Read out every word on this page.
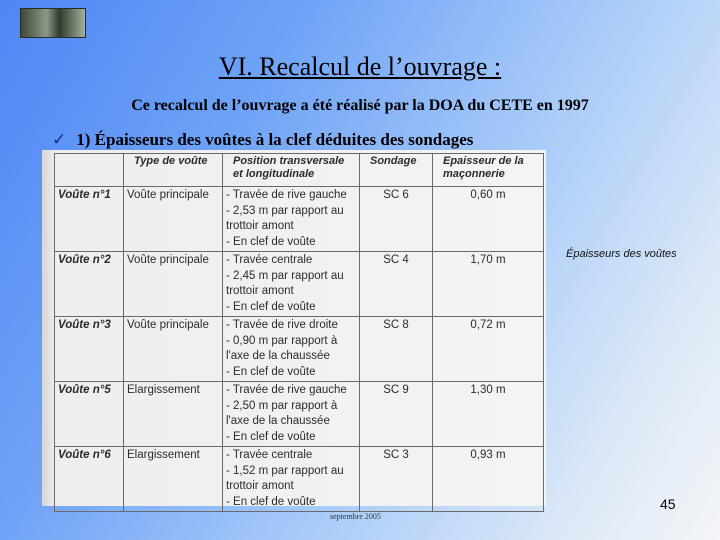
VI. Recalcul de l’ouvrage :
Ce recalcul de l’ouvrage a été réalisé par la DOA du CETE en 1997
✓ 1) Épaisseurs des voûtes à la clef déduites des sondages
	Type de voûte	Position transversale et longitudinale	Sondage	Epaisseur de la maçonnerie
Voûte n°1	Voûte principale	- Travée de rive gauche
- 2,53 m par rapport au trottoir amont
- En clef de voûte	SC 6	0,60 m
Voûte n°2	Voûte principale	- Travée centrale
- 2,45 m par rapport au trottoir amont
- En clef de voûte	SC 4	1,70 m
Voûte n°3	Voûte principale	- Travée de rive droite
- 0,90 m par rapport à l'axe de la chaussée
- En clef de voûte	SC 8	0,72 m
Voûte n°5	Elargissement	- Travée de rive gauche
- 2,50 m par rapport à l'axe de la chaussée
- En clef de voûte	SC 9	1,30 m
Voûte n°6	Elargissement	- Travée centrale
- 1,52 m par rapport au trottoir amont
- En clef de voûte	SC 3	0,93 m
Épaisseurs des voûtes
45
septembre 2005
